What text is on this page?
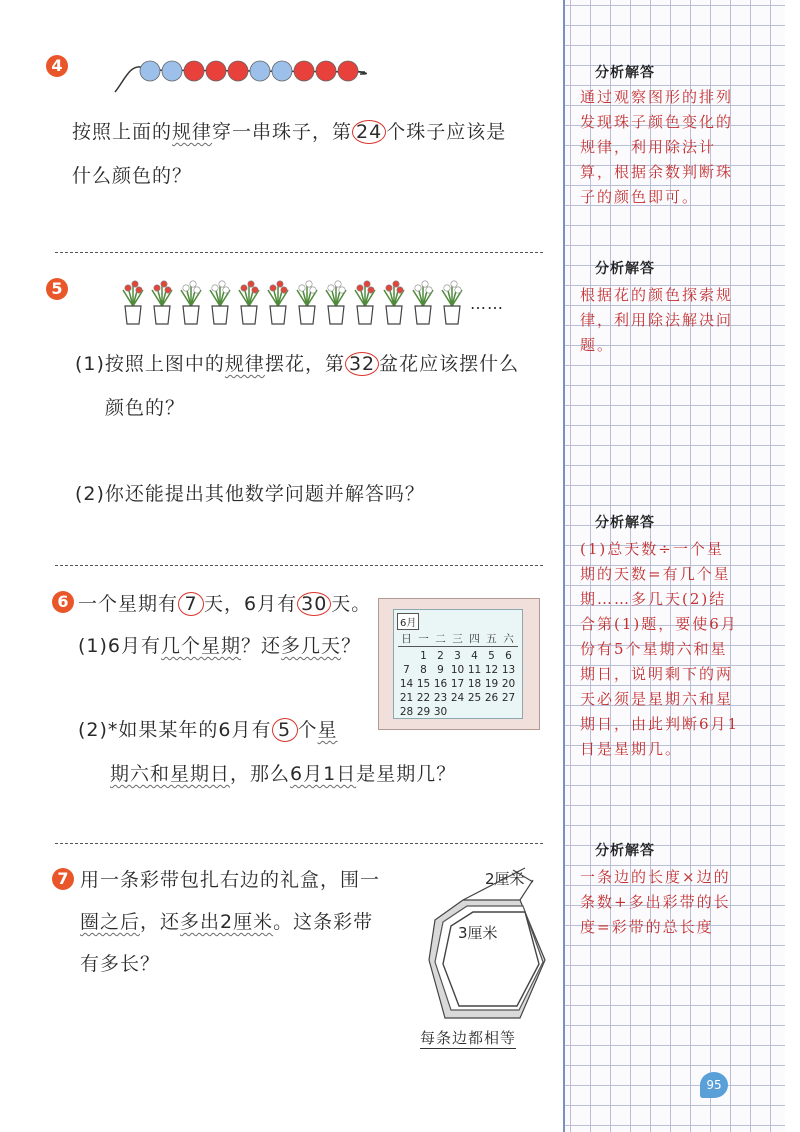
4
按照上面的规律穿一串珠子，第 24 个珠子应该是
什么颜色的？
5
……
(1)按照上图中的规律摆花，第 32 盆花应该摆什么
颜色的？
(2)你还能提出其他数学问题并解答吗？
6 一个星期有 7 天，6月有 30 天。
(1)6月有几个星期？还多几天？
(2)*如果某年的6月有 5 个星
期六和星期日，那么6月1日是星期几？
6月
日 一 二 三 四 五 六
1 2 3 4 5 6
7 8 9 10 11 12 13
14 15 16 17 18 19 20
21 22 23 24 25 26 27
28 29 30
7 用一条彩带包扎右边的礼盒，围一
圈之后，还多出2厘米。这条彩带
有多长？
2厘米
3厘米
每条边都相等
分析解答
通过观察图形的排列发现珠子颜色变化的规律，利用除法计算，根据余数判断珠子的颜色即可。
分析解答
根据花的颜色探索规律，利用除法解决问题。
分析解答
(1)总天数÷一个星期的天数=有几个星期……多几天(2)结合第(1)题，要使6月份有5个星期六和星期日，说明剩下的两天必须是星期六和星期日，由此判断6月1日是星期几。
分析解答
一条边的长度×边的条数+多出彩带的长度=彩带的总长度
95
